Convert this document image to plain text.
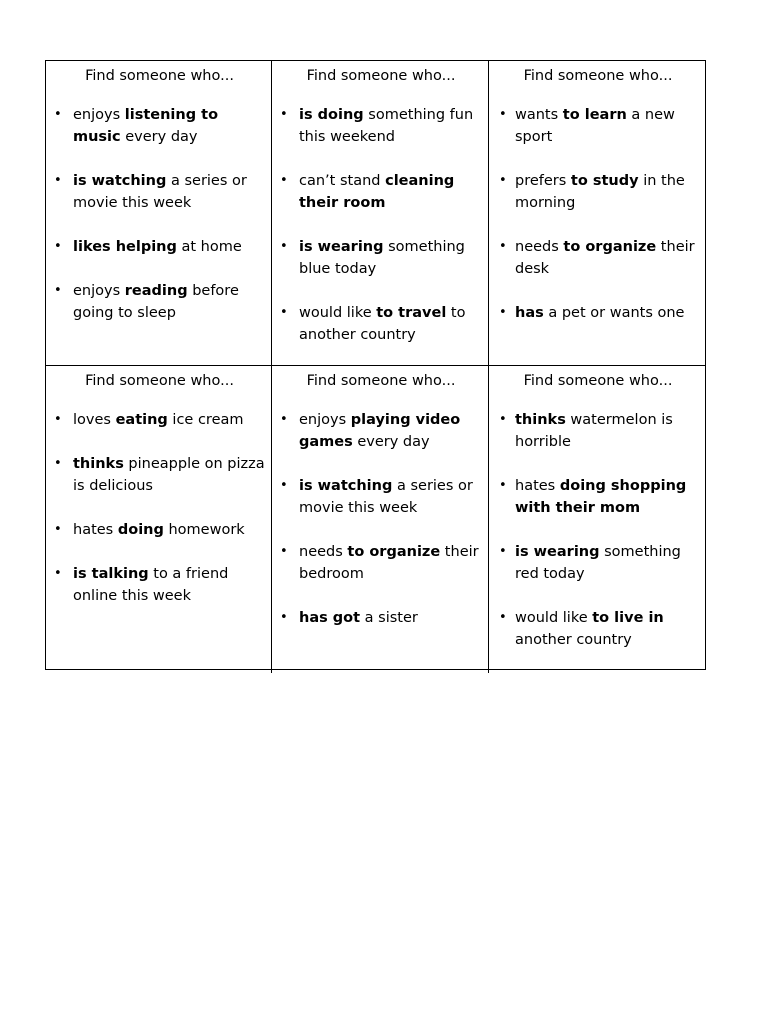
Find someone who...
• enjoys listening to music every day
• is watching a series or movie this week
• likes helping at home
• enjoys reading before going to sleep
Find someone who...
• is doing something fun this weekend
• can’t stand cleaning their room
• is wearing something blue today
• would like to travel to another country
Find someone who...
• wants to learn a new sport
• prefers to study in the morning
• needs to organize their desk
• has a pet or wants one
Find someone who...
• loves eating ice cream
• thinks pineapple on pizza is delicious
• hates doing homework
• is talking to a friend online this week
Find someone who...
• enjoys playing video games every day
• is watching a series or movie this week
• needs to organize their bedroom
• has got a sister
Find someone who...
• thinks watermelon is horrible
• hates doing shopping with their mom
• is wearing something red today
• would like to live in another country
